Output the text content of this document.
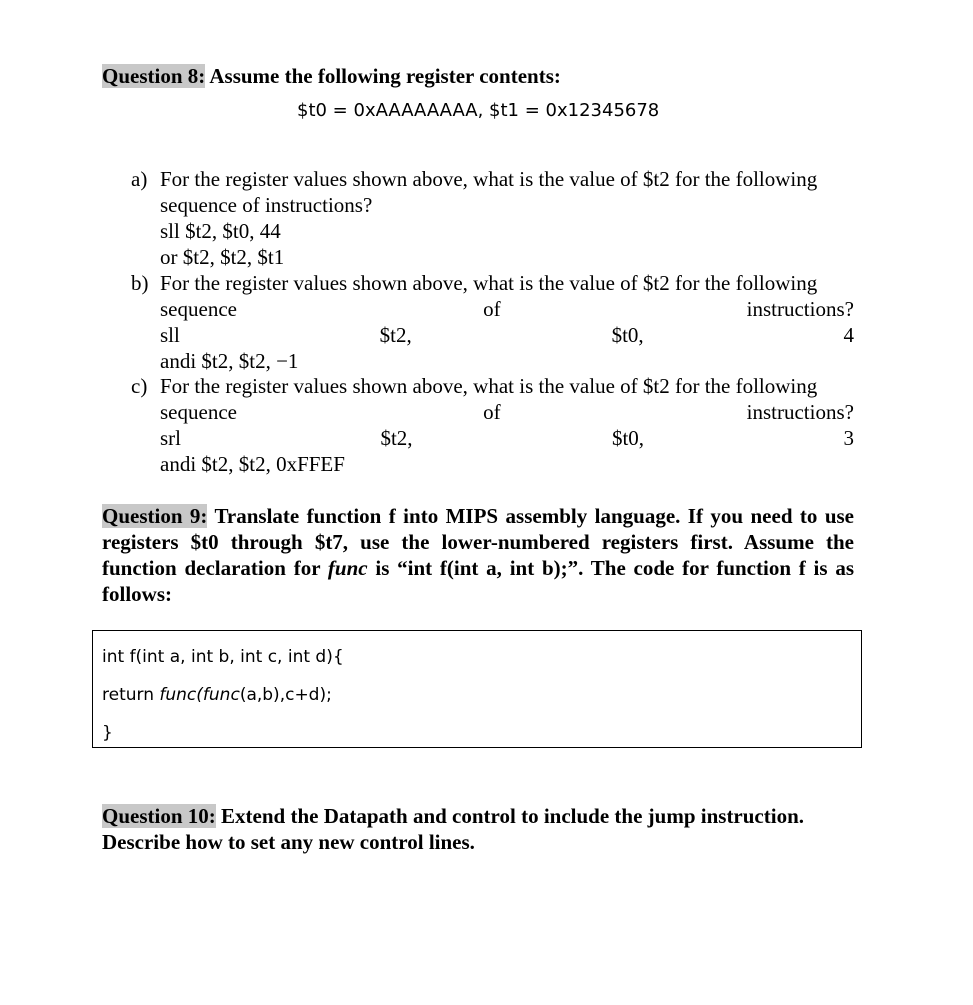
Question 8: Assume the following register contents:
$t0 = 0xAAAAAAAA, $t1 = 0x12345678
a) For the register values shown above, what is the value of $t2 for the following
sequence of instructions?
sll $t2, $t0, 44
or $t2, $t2, $t1
b) For the register values shown above, what is the value of $t2 for the following
sequence	of	instructions?
sll	$t2,	$t0,	4
andi $t2, $t2, −1
c) For the register values shown above, what is the value of $t2 for the following
sequence	of	instructions?
srl	$t2,	$t0,	3
andi $t2, $t2, 0xFFEF
Question 9: Translate function f into MIPS assembly language. If you need to use registers $t0 through $t7, use the lower-numbered registers first. Assume the function declaration for func is “int f(int a, int b);”. The code for function f is as follows:
int f(int a, int b, int c, int d){
return func(func(a,b),c+d);
}
Question 10: Extend the Datapath and control to include the jump instruction.
Describe how to set any new control lines.
